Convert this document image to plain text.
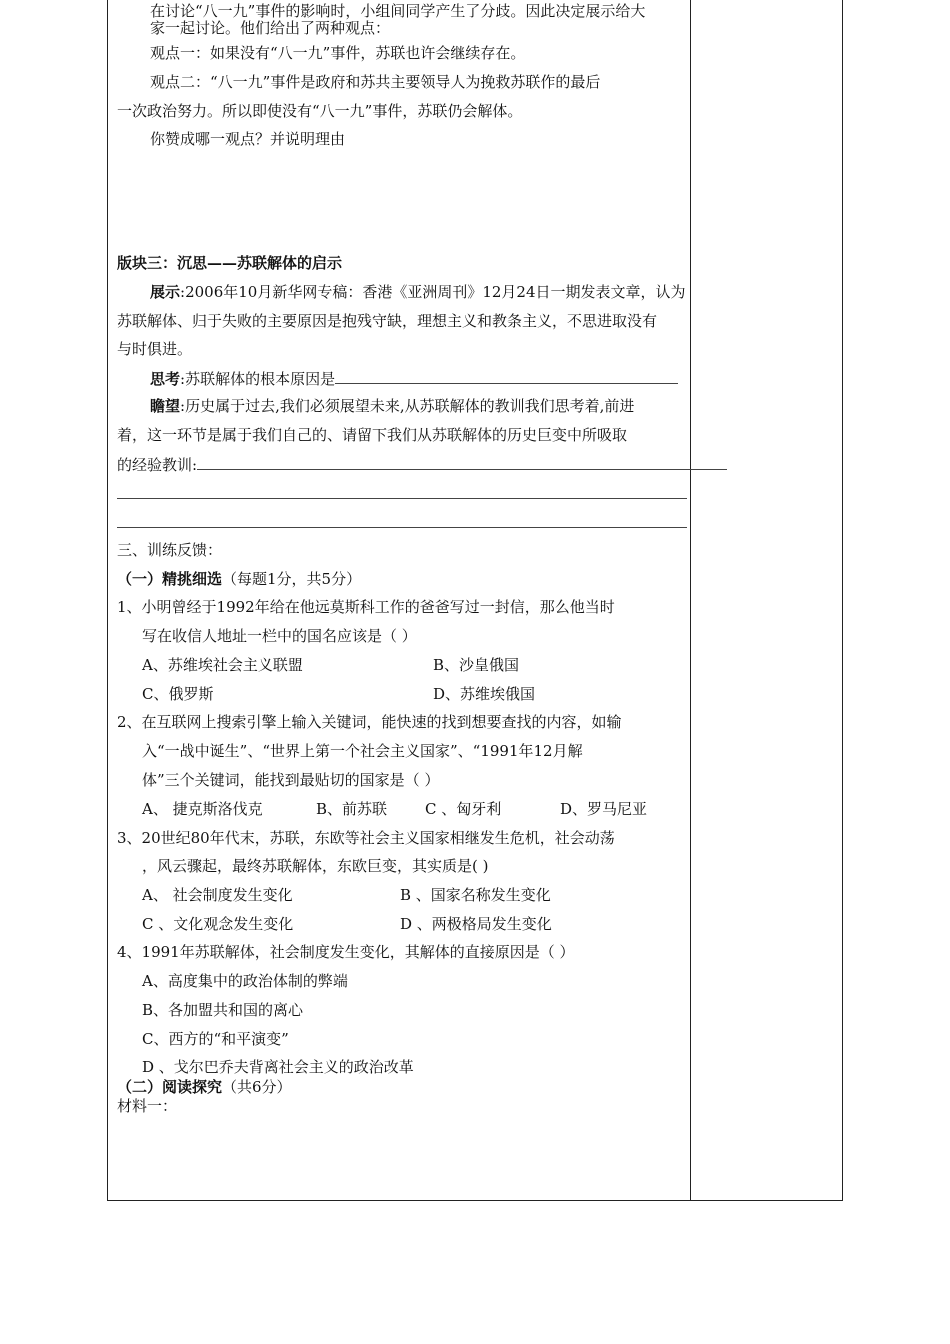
在讨论“八一九”事件的影响时，小组间同学产生了分歧。因此决定展示给大
家一起讨论。他们给出了两种观点：
观点一：如果没有“八一九”事件，苏联也许会继续存在。
观点二：“八一九”事件是政府和苏共主要领导人为挽救苏联作的最后
一次政治努力。所以即使没有“八一九”事件，苏联仍会解体。
你赞成哪一观点？并说明理由
版块三：沉思——苏联解体的启示
展示:2006年10月新华网专稿：香港《亚洲周刊》12月24日一期发表文章，认为
苏联解体、归于失败的主要原因是抱残守缺，理想主义和教条主义，不思进取没有
与时俱进。
思考:苏联解体的根本原因是
瞻望:历史属于过去,我们必须展望未来,从苏联解体的教训我们思考着,前进
着，这一环节是属于我们自己的、请留下我们从苏联解体的历史巨变中所吸取
的经验教训:
三、训练反馈：
（一）精挑细选（每题1分，共5分）
1、小明曾经于1992年给在他远莫斯科工作的爸爸写过一封信，那么他当时
写在收信人地址一栏中的国名应该是（ ）
A、苏维埃社会主义联盟	B、沙皇俄国
C、俄罗斯	D、苏维埃俄国
2、在互联网上搜索引擎上输入关键词，能快速的找到想要查找的内容，如输
入“一战中诞生”、“世界上第一个社会主义国家”、“1991年12月解
体”三个关键词，能找到最贴切的国家是（ ）
A、 捷克斯洛伐克	B、前苏联	C 、匈牙利	D、罗马尼亚
3、20世纪80年代末，苏联，东欧等社会主义国家相继发生危机，社会动荡
，风云骤起，最终苏联解体，东欧巨变，其实质是( )
A、 社会制度发生变化	B 、国家名称发生变化
C 、文化观念发生变化	D 、两极格局发生变化
4、1991年苏联解体，社会制度发生变化，其解体的直接原因是（ ）
A、高度集中的政治体制的弊端
B、各加盟共和国的离心
C、西方的“和平演变”
D 、戈尔巴乔夫背离社会主义的政治改革
（二）阅读探究（共6分）
材料一：
